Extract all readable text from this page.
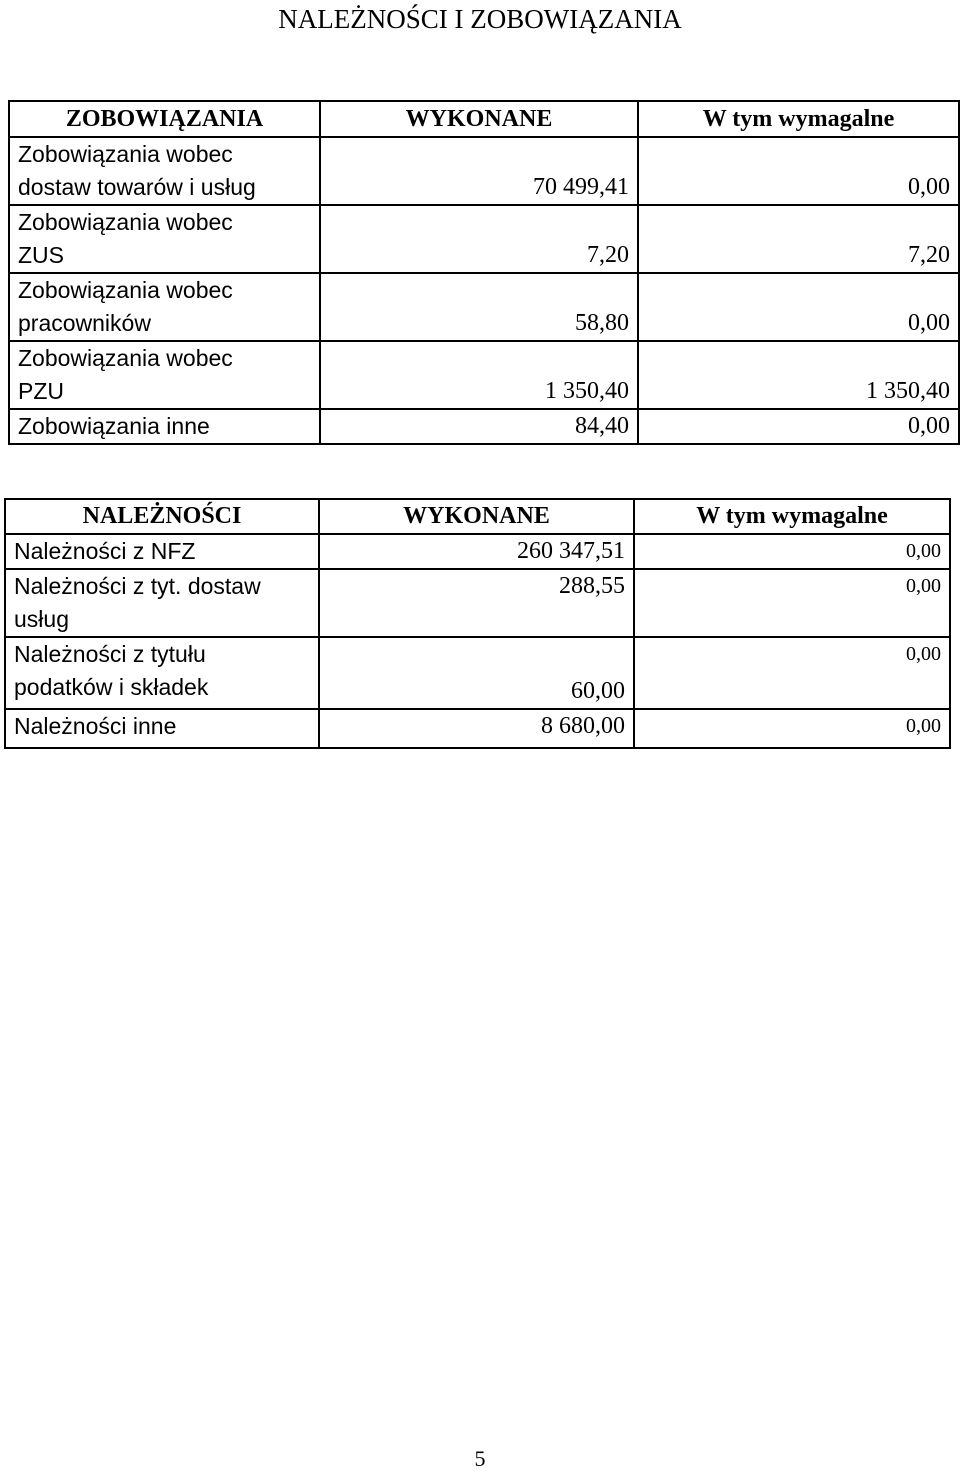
NALEŻNOŚCI I ZOBOWIĄZANIA
ZOBOWIĄZANIA	WYKONANE	W tym wymagalne

Zobowiązania wobec
dostaw towarów i usług	70 499,41	0,00

Zobowiązania wobec
ZUS	7,20	7,20

Zobowiązania wobec
pracowników	58,80	0,00

Zobowiązania wobec
PZU	1 350,40	1 350,40
Zobowiązania inne	84,40	0,00
NALEŻNOŚCI	WYKONANE	W tym wymagalne
Należności z NFZ	260 347,51	0,00

Należności z tyt. dostaw
usług	288,55	0,00

Należności z tytułu
podatków i składek	60,00	0,00
Należności inne	8 680,00	0,00
5
